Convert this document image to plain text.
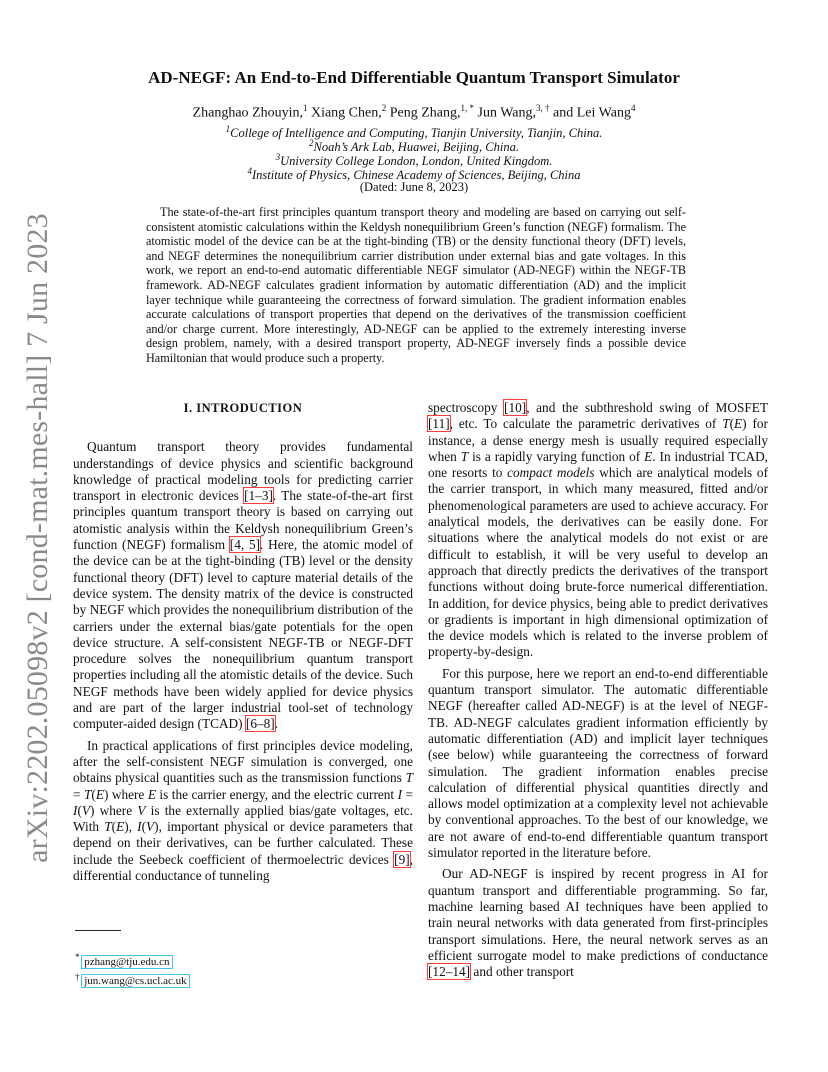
arXiv:2202.05098v2 [cond-mat.mes-hall] 7 Jun 2023
AD-NEGF: An End-to-End Differentiable Quantum Transport Simulator
Zhanghao Zhouyin,$^1$ Xiang Chen,$^2$ Peng Zhang,$^{1, *}$ Jun Wang,$^{3, \dagger}$ and Lei Wang$^4$
$^1$College of Intelligence and Computing, Tianjin University, Tianjin, China.
$^2$Noah’s Ark Lab, Huawei, Beijing, China.
$^3$University College London, London, United Kingdom.
$^4$Institute of Physics, Chinese Academy of Sciences, Beijing, China
(Dated: June 8, 2023)
The state-of-the-art first principles quantum transport theory and modeling are based on carrying out self-consistent atomistic calculations within the Keldysh nonequilibrium Green’s function (NEGF) formalism. The atomistic model of the device can be at the tight-binding (TB) or the density functional theory (DFT) levels, and NEGF determines the nonequilibrium carrier distribution under external bias and gate voltages. In this work, we report an end-to-end automatic differentiable NEGF simulator (AD-NEGF) within the NEGF-TB framework. AD-NEGF calculates gradient information by automatic differentiation (AD) and the implicit layer technique while guaranteeing the correctness of forward simulation. The gradient information enables accurate calculations of transport properties that depend on the derivatives of the transmission coefficient and/or charge current. More interestingly, AD-NEGF can be applied to the extremely interesting inverse design problem, namely, with a desired transport property, AD-NEGF inversely finds a possible device Hamiltonian that would produce such a property.
I. INTRODUCTION

Quantum transport theory provides fundamental understandings of device physics and scientific background knowledge of practical modeling tools for predicting carrier transport in electronic devices [1–3]. The state-of-the-art first principles quantum transport theory is based on carrying out atomistic analysis within the Keldysh nonequilibrium Green’s function (NEGF) formalism [4, 5]. Here, the atomic model of the device can be at the tight-binding (TB) level or the density functional theory (DFT) level to capture material details of the device system. The density matrix of the device is constructed by NEGF which provides the nonequilibrium distribution of the carriers under the external bias/gate potentials for the open device structure. A self-consistent NEGF-TB or NEGF-DFT procedure solves the nonequilibrium quantum transport properties including all the atomistic details of the device. Such NEGF methods have been widely applied for device physics and are part of the larger industrial tool-set of technology computer-aided design (TCAD) [6–8].

In practical applications of first principles device modeling, after the self-consistent NEGF simulation is converged, one obtains physical quantities such as the transmission functions T = T(E) where E is the carrier energy, and the electric current I = I(V) where V is the externally applied bias/gate voltages, etc. With T(E), I(V), important physical or device parameters that depend on their derivatives, can be further calculated. These include the Seebeck coefficient of thermoelectric devices [9], differential conductance of tunneling

spectroscopy [10], and the subthreshold swing of MOSFET [11], etc. To calculate the parametric derivatives of T(E) for instance, a dense energy mesh is usually required especially when T is a rapidly varying function of E. In industrial TCAD, one resorts to compact models which are analytical models of the carrier transport, in which many measured, fitted and/or phenomenological parameters are used to achieve accuracy. For analytical models, the derivatives can be easily done. For situations where the analytical models do not exist or are difficult to establish, it will be very useful to develop an approach that directly predicts the derivatives of the transport functions without doing brute-force numerical differentiation. In addition, for device physics, being able to predict derivatives or gradients is important in high dimensional optimization of the device models which is related to the inverse problem of property-by-design.

For this purpose, here we report an end-to-end differentiable quantum transport simulator. The automatic differentiable NEGF (hereafter called AD-NEGF) is at the level of NEGF-TB. AD-NEGF calculates gradient information efficiently by automatic differentiation (AD) and implicit layer techniques (see below) while guaranteeing the correctness of forward simulation. The gradient information enables precise calculation of differential physical quantities directly and allows model optimization at a complexity level not achievable by conventional approaches. To the best of our knowledge, we are not aware of end-to-end differentiable quantum transport simulator reported in the literature before.

Our AD-NEGF is inspired by recent progress in AI for quantum transport and differentiable programming. So far, machine learning based AI techniques have been applied to train neural networks with data generated from first-principles transport simulations. Here, the neural network serves as an efficient surrogate model to make predictions of conductance [12–14] and other transport

* pzhang@tju.edu.cn
† jun.wang@cs.ucl.ac.uk
